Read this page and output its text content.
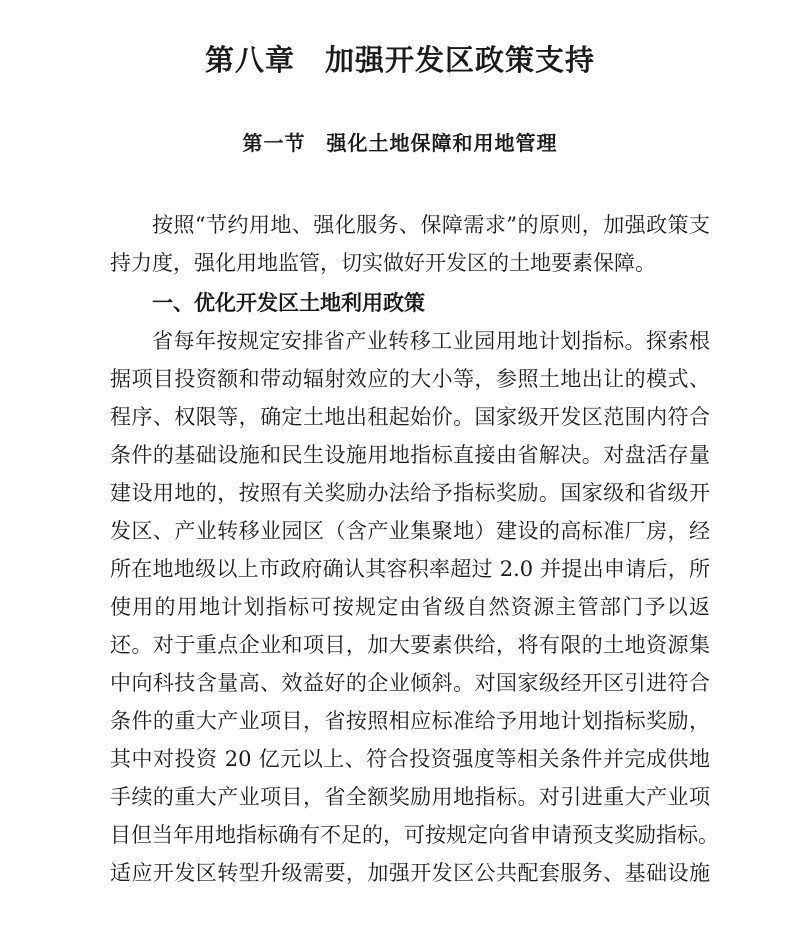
第八章　加强开发区政策支持
第一节　强化土地保障和用地管理

按照“节约用地、强化服务、保障需求”的原则，加强政策支
持力度，强化用地监管，切实做好开发区的土地要素保障。

一、优化开发区土地利用政策

省每年按规定安排省产业转移工业园用地计划指标。探索根
据项目投资额和带动辐射效应的大小等，参照土地出让的模式、
程序、权限等，确定土地出租起始价。国家级开发区范围内符合
条件的基础设施和民生设施用地指标直接由省解决。对盘活存量
建设用地的，按照有关奖励办法给予指标奖励。国家级和省级开
发区、产业转移业园区（含产业集聚地）建设的高标准厂房，经
所在地地级以上市政府确认其容积率超过 2.0 并提出申请后，所
使用的用地计划指标可按规定由省级自然资源主管部门予以返
还。对于重点企业和项目，加大要素供给，将有限的土地资源集
中向科技含量高、效益好的企业倾斜。对国家级经开区引进符合
条件的重大产业项目，省按照相应标准给予用地计划指标奖励，
其中对投资 20 亿元以上、符合投资强度等相关条件并完成供地
手续的重大产业项目，省全额奖励用地指标。对引进重大产业项
目但当年用地指标确有不足的，可按规定向省申请预支奖励指标。
适应开发区转型升级需要，加强开发区公共配套服务、基础设施
